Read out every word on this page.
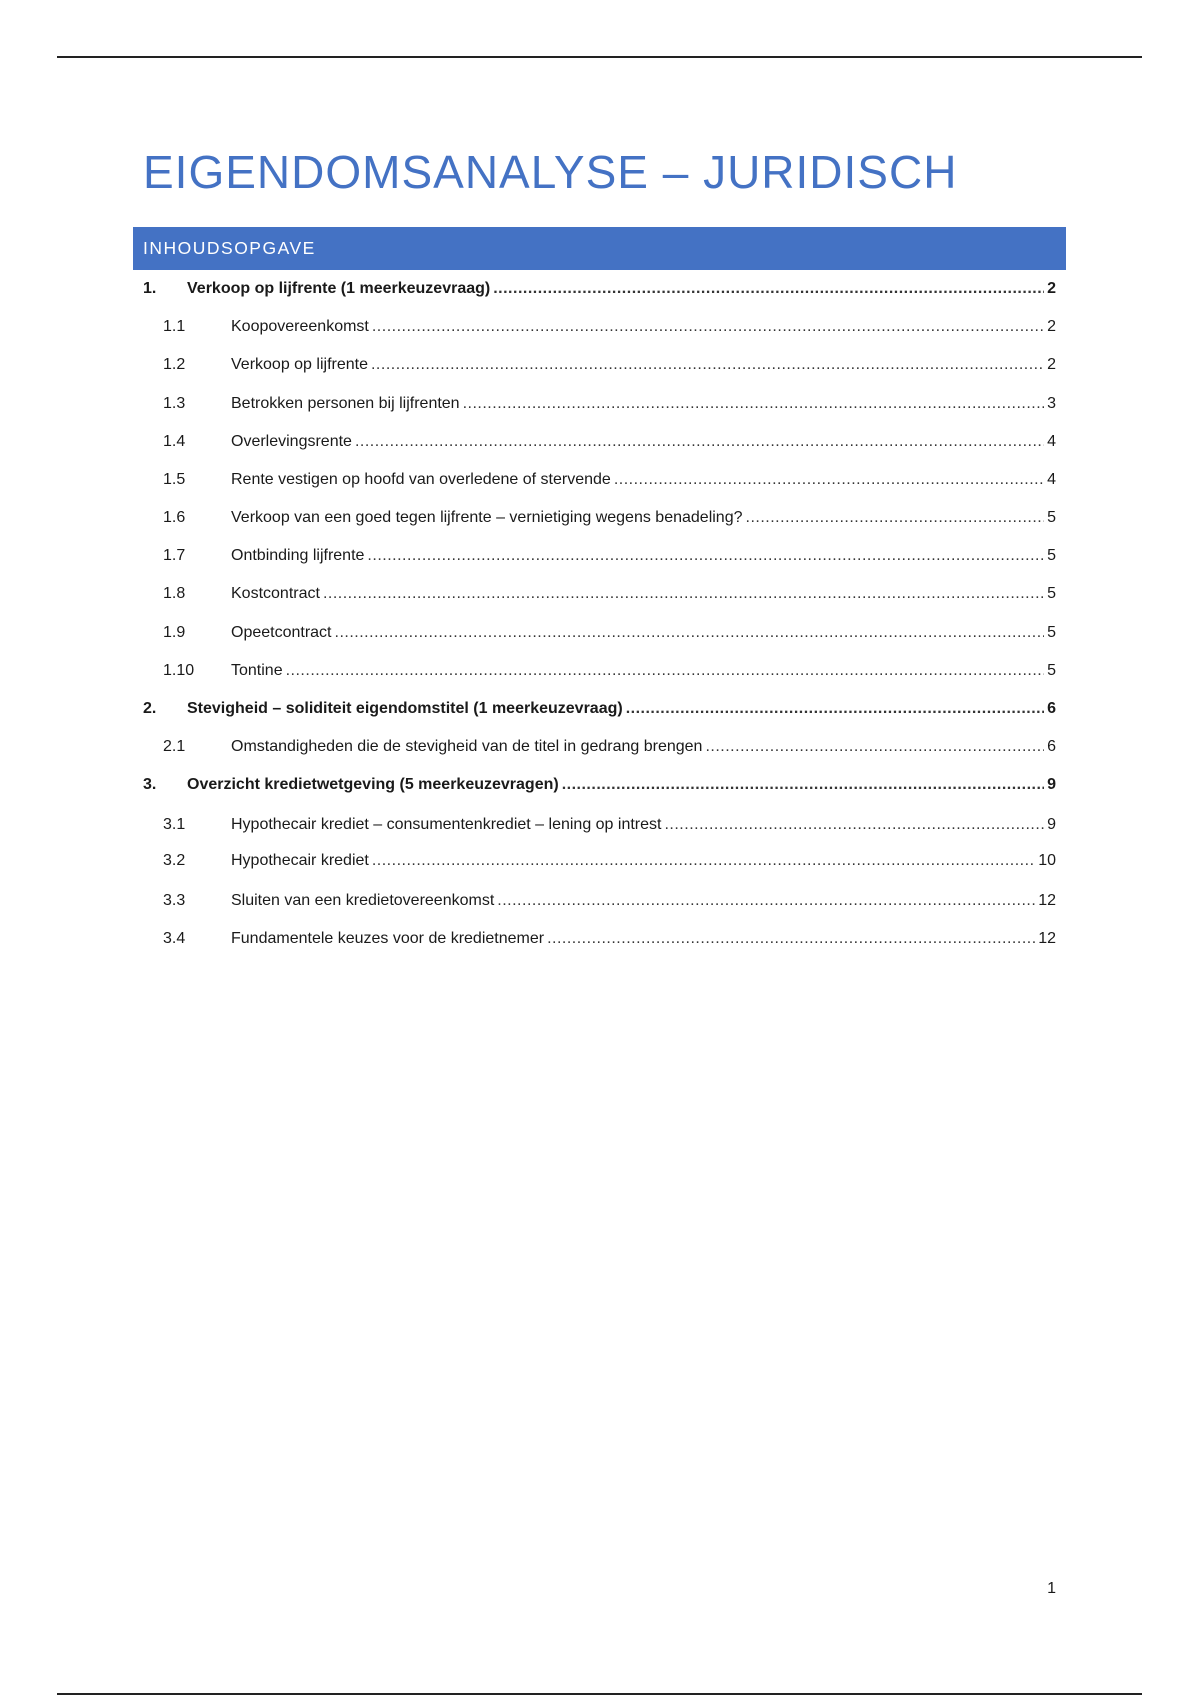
EIGENDOMSANALYSE – JURIDISCH
INHOUDSOPGAVE
1.	Verkoop op lijfrente (1 meerkeuzevraag) .....	2
1.1	Koopovereenkomst .....	2
1.2	Verkoop op lijfrente .....	2
1.3	Betrokken personen bij lijfrenten .....	3
1.4	Overlevingsrente .....	4
1.5	Rente vestigen op hoofd van overledene of stervende .....	4
1.6	Verkoop van een goed tegen lijfrente – vernietiging wegens benadeling? .....	5
1.7	Ontbinding lijfrente .....	5
1.8	Kostcontract .....	5
1.9	Opeetcontract .....	5
1.10	Tontine .....	5
2.	Stevigheid – soliditeit eigendomstitel (1 meerkeuzevraag) .....	6
2.1	Omstandigheden die de stevigheid van de titel in gedrang brengen .....	6
3.	Overzicht kredietwetgeving (5 meerkeuzevragen) .....	9
3.1	Hypothecair krediet – consumentenkrediet – lening op intrest .....	9
3.2	Hypothecair krediet .....	10
3.3	Sluiten van een kredietovereenkomst .....	12
3.4	Fundamentele keuzes voor de kredietnemer .....	12
1
